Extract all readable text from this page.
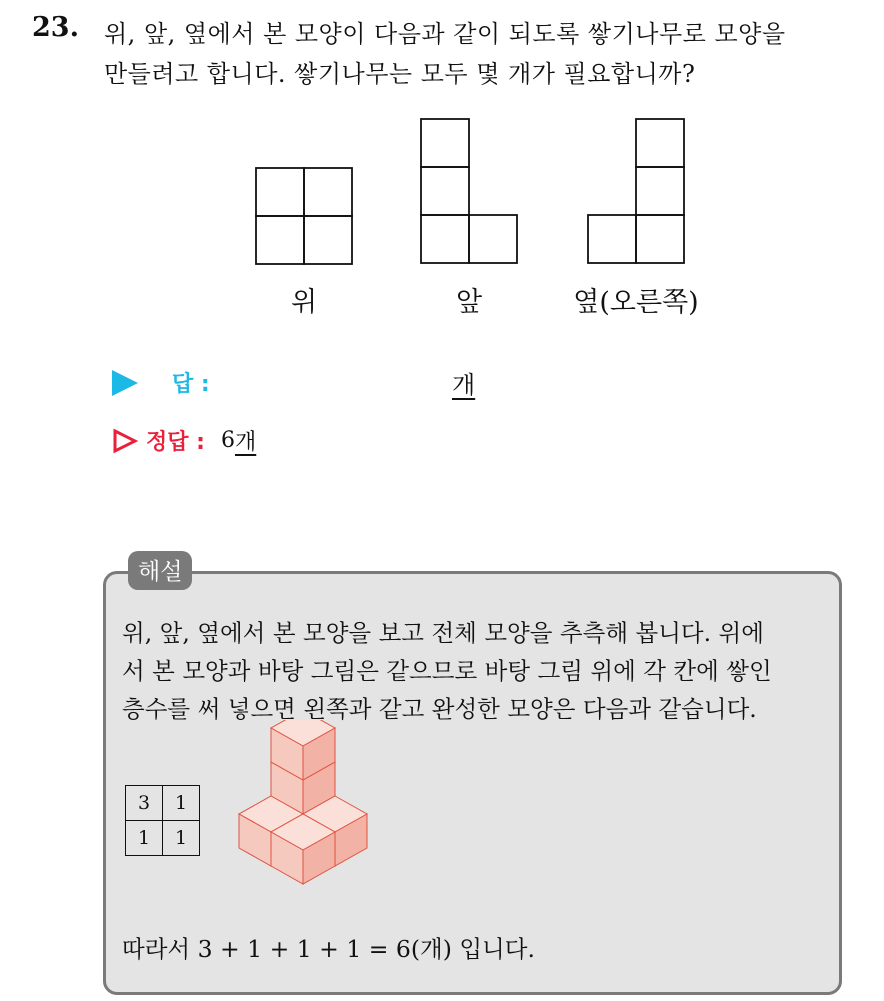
23. 위, 앞, 옆에서 본 모양이 다음과 같이 되도록 쌓기나무로 모양을
만들려고 합니다. 쌓기나무는 모두 몇 개가 필요합니까?
위	앞	옆(오른쪽)
답 :	개
정답 : 6 개
해설
위, 앞, 옆에서 본 모양을 보고 전체 모양을 추측해 봅니다. 위에
서 본 모양과 바탕 그림은 같으므로 바탕 그림 위에 각 칸에 쌓인
층수를 써 넣으면 왼쪽과 같고 완성한 모양은 다음과 같습니다.
3	1
1	1
따라서 3 + 1 + 1 + 1 = 6(개) 입니다.
